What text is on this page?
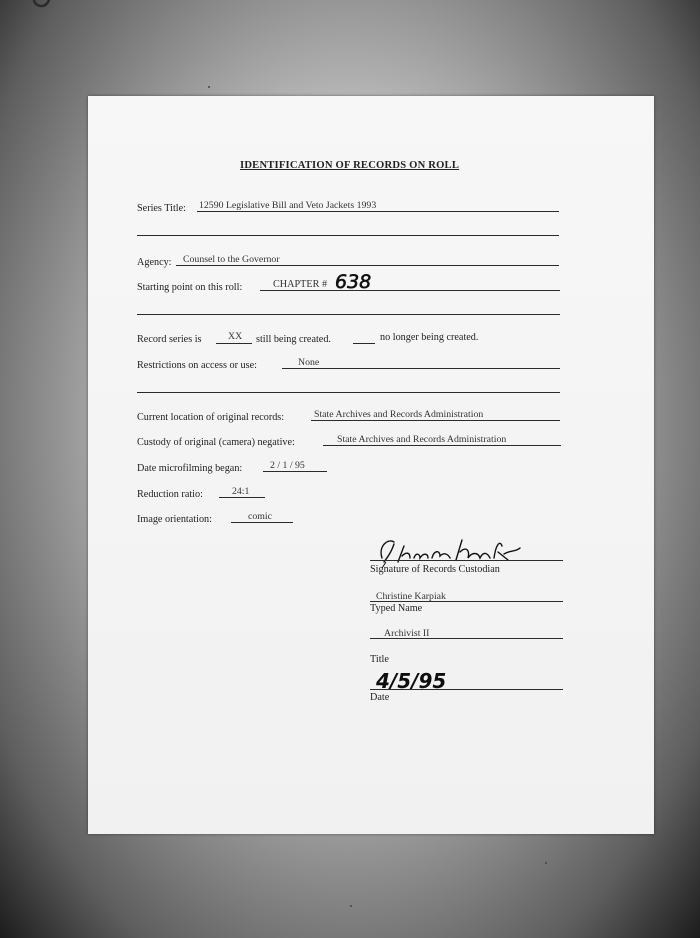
IDENTIFICATION OF RECORDS ON ROLL
Series Title: 12590 Legislative Bill and Veto Jackets 1993
Agency: Counsel to the Governor
Starting point on this roll:	CHAPTER # 638
Record series is	XX still being created.	no longer being created.
Restrictions on access or use:	None
Current location of original records:	State Archives and Records Administration
Custody of original (camera) negative:	State Archives and Records Administration
Date microfilming began:	2 / 1 / 95
Reduction ratio:	24:1
Image orientation:	comic
Signature of Records Custodian
Christine Karpiak
Typed Name
Archivist II
Title
4/5/95
Date
